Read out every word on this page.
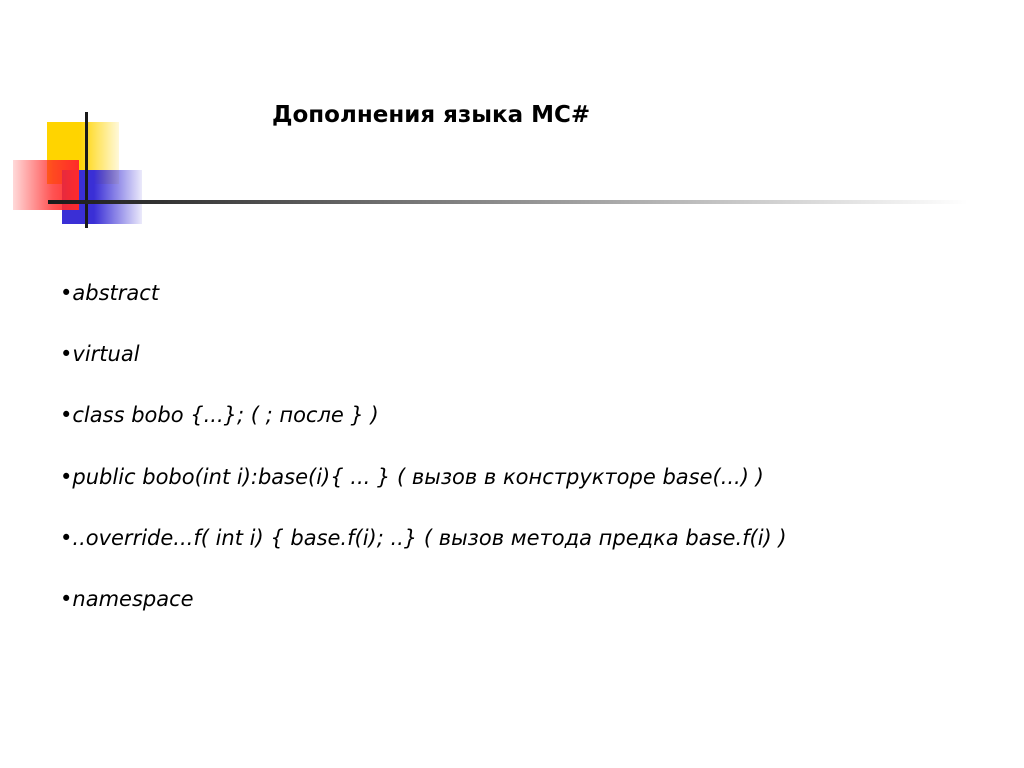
Дополнения языка МС#
•abstract
•virtual
•class bobo {...}; ( ; после } )
•public bobo(int i):base(i){ ... } ( вызов в конструкторе base(...) )
•..override...f( int i) { base.f(i); ..} ( вызов метода предка base.f(i) )
•namespace
